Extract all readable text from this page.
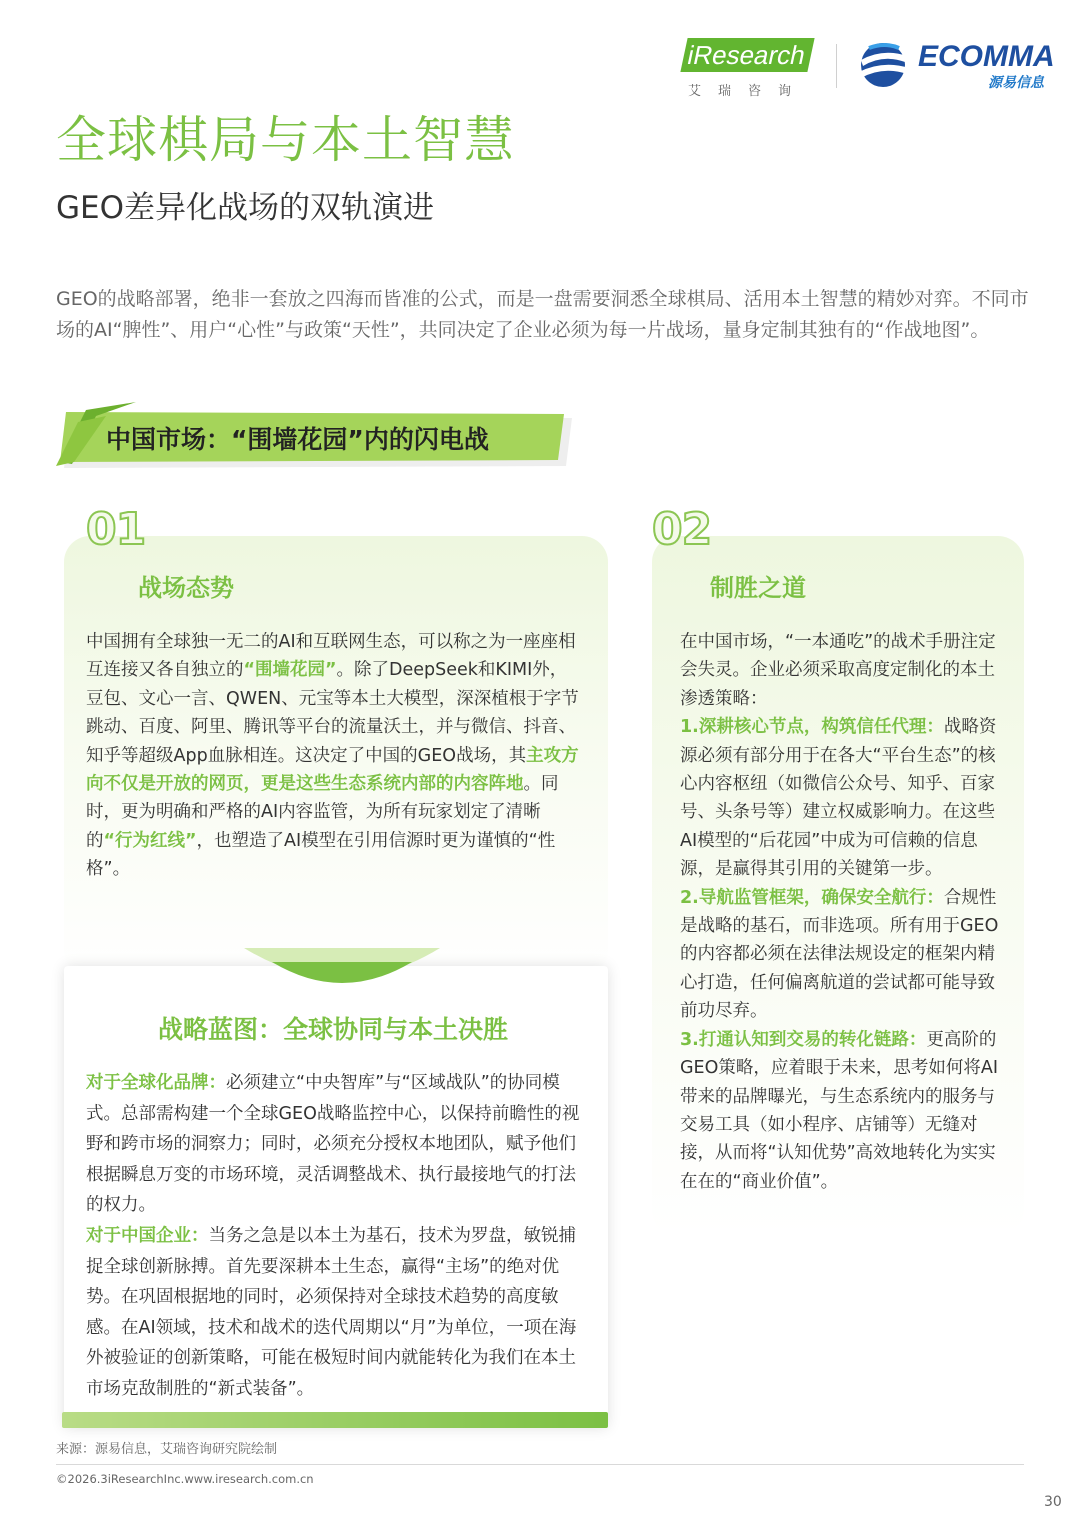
iResearch
艾瑞咨询
ECOMMA
源易信息
全球棋局与本土智慧
GEO差异化战场的双轨演进
GEO的战略部署，绝非一套放之四海而皆准的公式，而是一盘需要洞悉全球棋局、活用本土智慧的精妙对弈。不同市场的AI“脾性”、用户“心性”与政策“天性”，共同决定了企业必须为每一片战场，量身定制其独有的“作战地图”。
中国市场：“围墙花园”内的闪电战
01
战场态势
中国拥有全球独一无二的AI和互联网生态，可以称之为一座座相互连接又各自独立的“围墙花园”。除了DeepSeek和KIMI外，豆包、文心一言、QWEN、元宝等本土大模型，深深植根于字节跳动、百度、阿里、腾讯等平台的流量沃土，并与微信、抖音、知乎等超级App血脉相连。这决定了中国的GEO战场，其主攻方向不仅是开放的网页，更是这些生态系统内部的内容阵地。同时，更为明确和严格的AI内容监管，为所有玩家划定了清晰的“行为红线”，也塑造了AI模型在引用信源时更为谨慎的“性格”。
02
制胜之道
在中国市场，“一本通吃”的战术手册注定会失灵。企业必须采取高度定制化的本土渗透策略：
1.深耕核心节点，构筑信任代理：战略资源必须有部分用于在各大“平台生态”的核心内容枢纽（如微信公众号、知乎、百家号、头条号等）建立权威影响力。在这些AI模型的“后花园”中成为可信赖的信息源，是赢得其引用的关键第一步。
2.导航监管框架，确保安全航行：合规性是战略的基石，而非选项。所有用于GEO的内容都必须在法律法规设定的框架内精心打造，任何偏离航道的尝试都可能导致前功尽弃。
3.打通认知到交易的转化链路：更高阶的GEO策略，应着眼于未来，思考如何将AI带来的品牌曝光，与生态系统内的服务与交易工具（如小程序、店铺等）无缝对接，从而将“认知优势”高效地转化为实实在在的“商业价值”。
战略蓝图：全球协同与本土决胜
对于全球化品牌：必须建立“中央智库”与“区域战队”的协同模式。总部需构建一个全球GEO战略监控中心，以保持前瞻性的视野和跨市场的洞察力；同时，必须充分授权本地团队，赋予他们根据瞬息万变的市场环境，灵活调整战术、执行最接地气的打法的权力。
对于中国企业：当务之急是以本土为基石，技术为罗盘，敏锐捕捉全球创新脉搏。首先要深耕本土生态，赢得“主场”的绝对优势。在巩固根据地的同时，必须保持对全球技术趋势的高度敏感。在AI领域，技术和战术的迭代周期以“月”为单位，一项在海外被验证的创新策略，可能在极短时间内就能转化为我们在本土市场克敌制胜的“新式装备”。
来源：源易信息，艾瑞咨询研究院绘制
©2026.3iResearchInc.www.iresearch.com.cn
30
